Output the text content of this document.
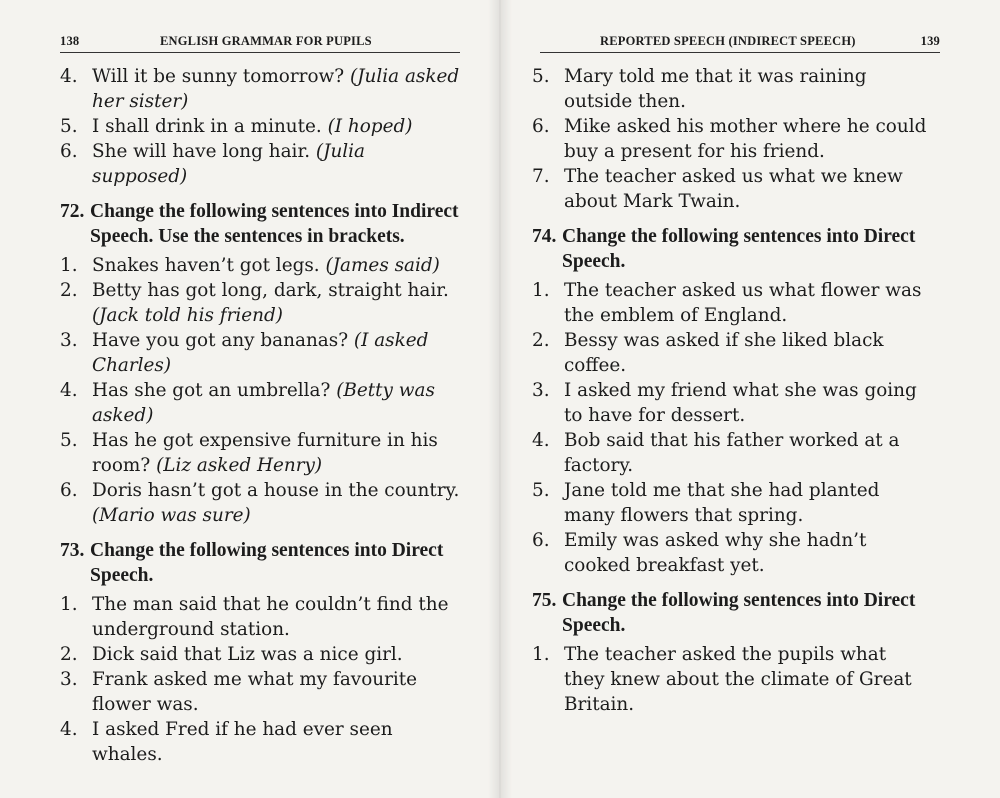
138	ENGLISH GRAMMAR FOR PUPILS

4. Will it be sunny tomorrow? (Julia asked her sister)

5. I shall drink in a minute. (I hoped)

6. She will have long hair. (Julia supposed)

72. Change the following sentences into Indirect Speech. Use the sentences in brackets.

1. Snakes haven’t got legs. (James said)

2. Betty has got long, dark, straight hair. (Jack told his friend)

3. Have you got any bananas? (I asked Charles)

4. Has she got an umbrella? (Betty was asked)

5. Has he got expensive furniture in his room? (Liz asked Henry)

6. Doris hasn’t got a house in the country. (Mario was sure)

73. Change the following sentences into Direct Speech.

1. The man said that he couldn’t find the underground station.

2. Dick said that Liz was a nice girl.

3. Frank asked me what my favourite flower was.

4. I asked Fred if he had ever seen whales.

REPORTED SPEECH (INDIRECT SPEECH)	139

5. Mary told me that it was raining outside then.

6. Mike asked his mother where he could buy a present for his friend.

7. The teacher asked us what we knew about Mark Twain.

74. Change the following sentences into Direct Speech.

1. The teacher asked us what flower was the emblem of England.

2. Bessy was asked if she liked black coffee.

3. I asked my friend what she was going to have for dessert.

4. Bob said that his father worked at a factory.

5. Jane told me that she had planted many flowers that spring.

6. Emily was asked why she hadn’t cooked breakfast yet.

75. Change the following sentences into Direct Speech.

1. The teacher asked the pupils what they knew about the climate of Great Britain.
